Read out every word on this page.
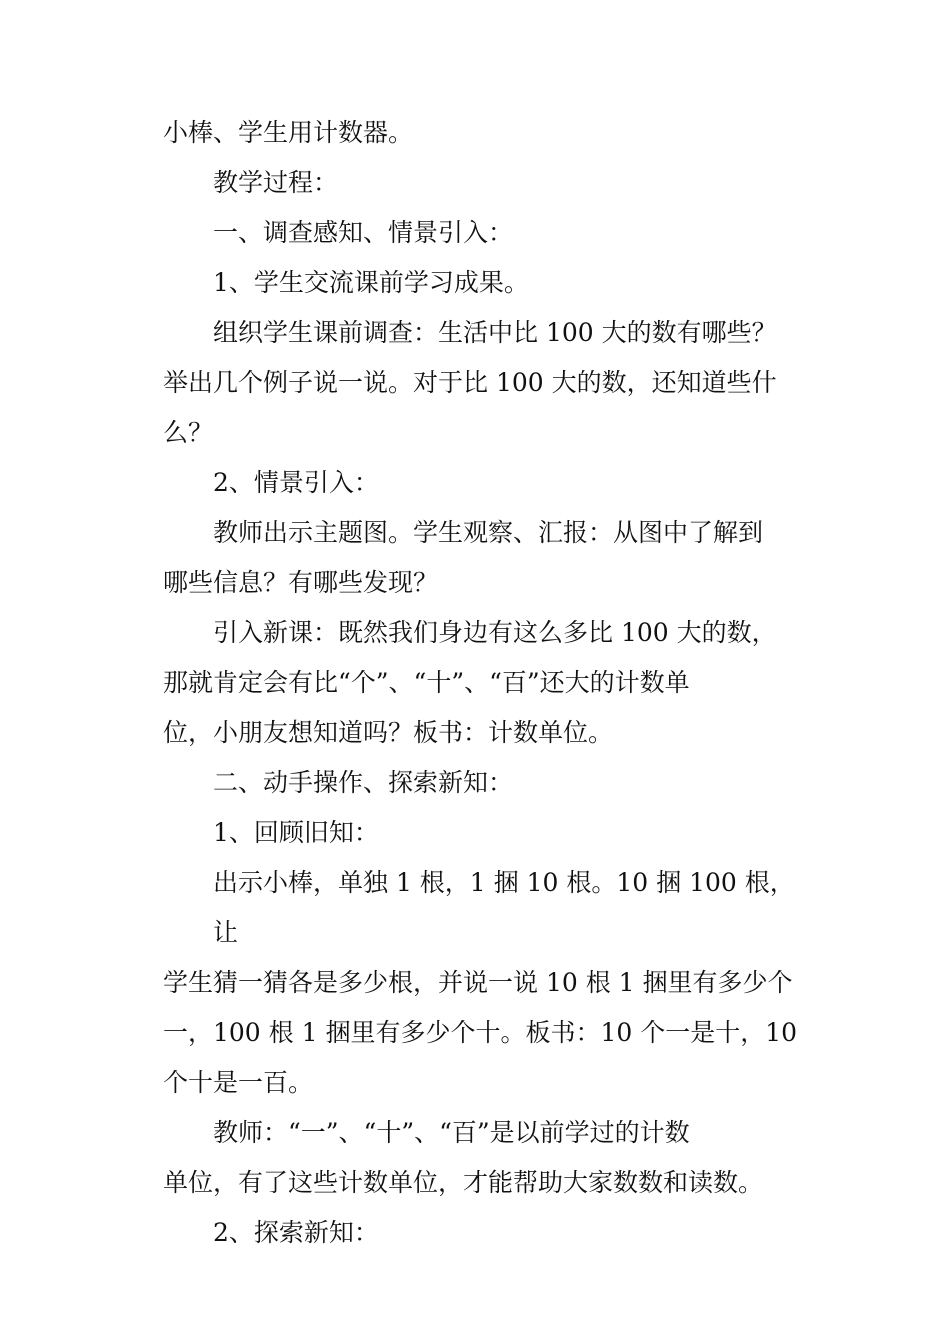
小棒、学生用计数器。
教学过程：
一、调查感知、情景引入：
1、学生交流课前学习成果。
组织学生课前调查：生活中比 100 大的数有哪些？
举出几个例子说一说。对于比 100 大的数，还知道些什
么？
2、情景引入：
教师出示主题图。学生观察、汇报：从图中了解到
哪些信息？有哪些发现？
引入新课：既然我们身边有这么多比 100 大的数，
那就肯定会有比“个”、“十”、“百”还大的计数单
位，小朋友想知道吗？板书：计数单位。
二、动手操作、探索新知：
1、回顾旧知：
出示小棒，单独 1 根，1 捆 10 根。10 捆 100 根，让
学生猜一猜各是多少根，并说一说 10 根 1 捆里有多少个
一，100 根 1 捆里有多少个十。板书：10 个一是十，10
个十是一百。
教师：“一”、“十”、“百”是以前学过的计数
单位，有了这些计数单位，才能帮助大家数数和读数。
2、探索新知：
